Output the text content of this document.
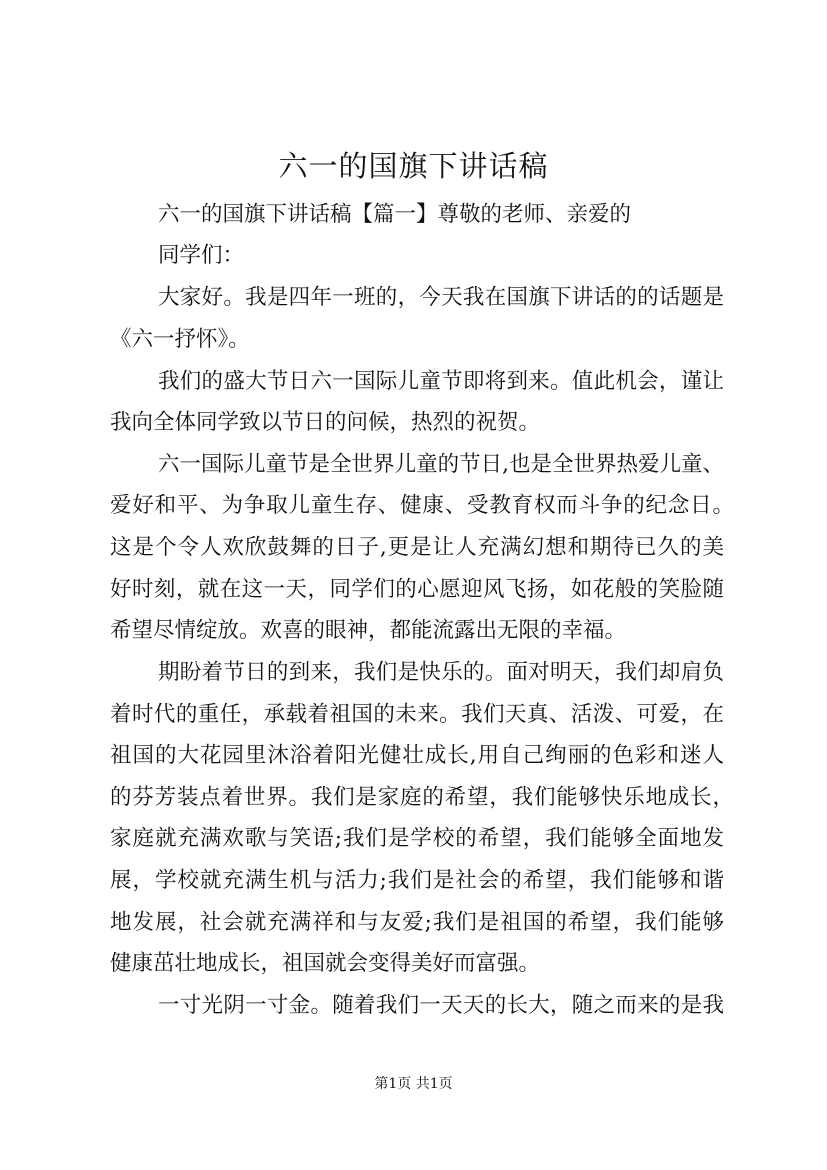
六一的国旗下讲话稿
六一的国旗下讲话稿【篇一】尊敬的老师、亲爱的
同学们：
大家好。我是四年一班的，今天我在国旗下讲话的的话题是
《六一抒怀》。
我们的盛大节日六一国际儿童节即将到来。值此机会，谨让
我向全体同学致以节日的问候，热烈的祝贺。
六一国际儿童节是全世界儿童的节日,也是全世界热爱儿童、
爱好和平、为争取儿童生存、健康、受教育权而斗争的纪念日。
这是个令人欢欣鼓舞的日子,更是让人充满幻想和期待已久的美
好时刻，就在这一天，同学们的心愿迎风飞扬，如花般的笑脸随
希望尽情绽放。欢喜的眼神，都能流露出无限的幸福。
期盼着节日的到来，我们是快乐的。面对明天，我们却肩负
着时代的重任，承载着祖国的未来。我们天真、活泼、可爱，在
祖国的大花园里沐浴着阳光健壮成长,用自己绚丽的色彩和迷人
的芬芳装点着世界。我们是家庭的希望，我们能够快乐地成长，
家庭就充满欢歌与笑语;我们是学校的希望，我们能够全面地发
展，学校就充满生机与活力;我们是社会的希望，我们能够和谐
地发展，社会就充满祥和与友爱;我们是祖国的希望，我们能够
健康茁壮地成长，祖国就会变得美好而富强。
一寸光阴一寸金。随着我们一天天的长大，随之而来的是我
第1页 共1页
